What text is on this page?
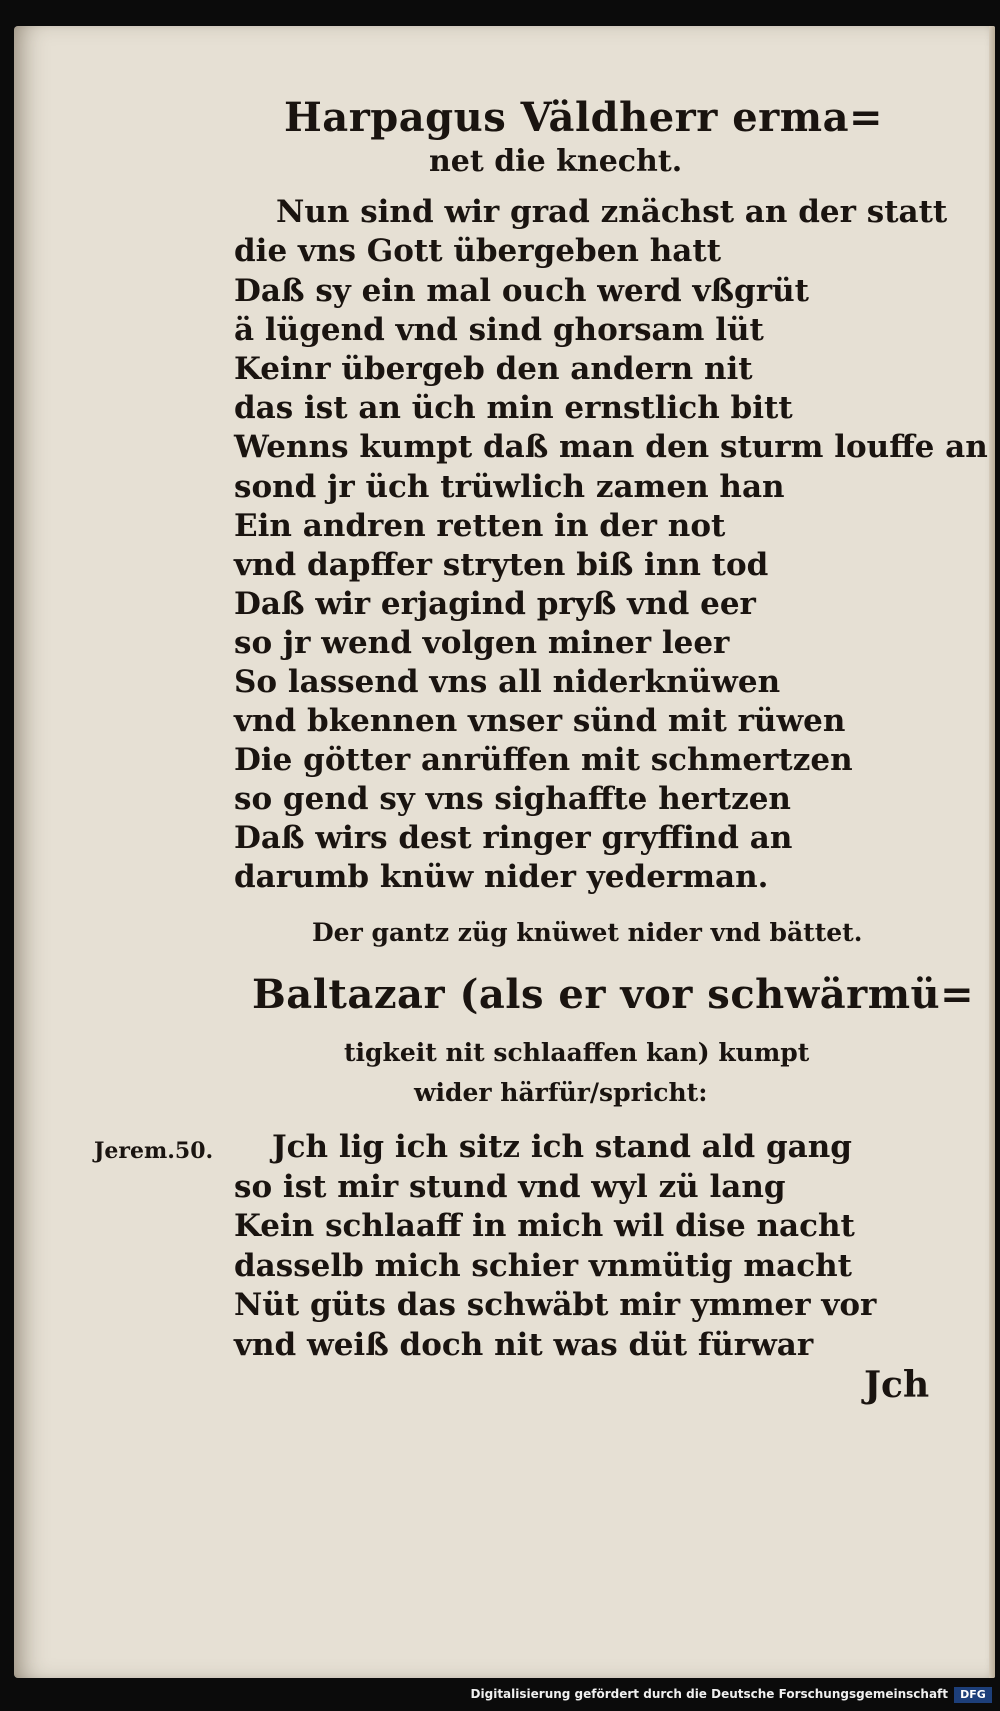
Harpagus Väldherr erma=
net die knecht.
Nun sind wir grad znächst an der statt
die vns Gott übergeben hatt
Daß sy ein mal ouch werd vßgrüt
ä lügend vnd sind ghorsam lüt
Keinr übergeb den andern nit
das ist an üch min ernstlich bitt
Wenns kumpt daß man den sturm louffe an
sond jr üch trüwlich zamen han
Ein andren retten in der not
vnd dapffer stryten biß inn tod
Daß wir erjagind pryß vnd eer
so jr wend volgen miner leer
So lassend vns all niderknüwen
vnd bkennen vnser sünd mit rüwen
Die götter anrüffen mit schmertzen
so gend sy vns sighaffte hertzen
Daß wirs dest ringer gryffind an
darumb knüw nider yederman.
Der gantz züg knüwet nider vnd bättet.
Baltazar (als er vor schwärmü=
tigkeit nit schlaaffen kan) kumpt
wider härfür/spricht:
Jerem.50. Jch lig ich sitz ich stand ald gang
so ist mir stund vnd wyl zü lang
Kein schlaaff in mich wil dise nacht
dasselb mich schier vnmütig macht
Nüt güts das schwäbt mir ymmer vor
vnd weiß doch nit was düt fürwar
Jch
Digitalisierung gefördert durch die Deutsche Forschungsgemeinschaft	DFG
